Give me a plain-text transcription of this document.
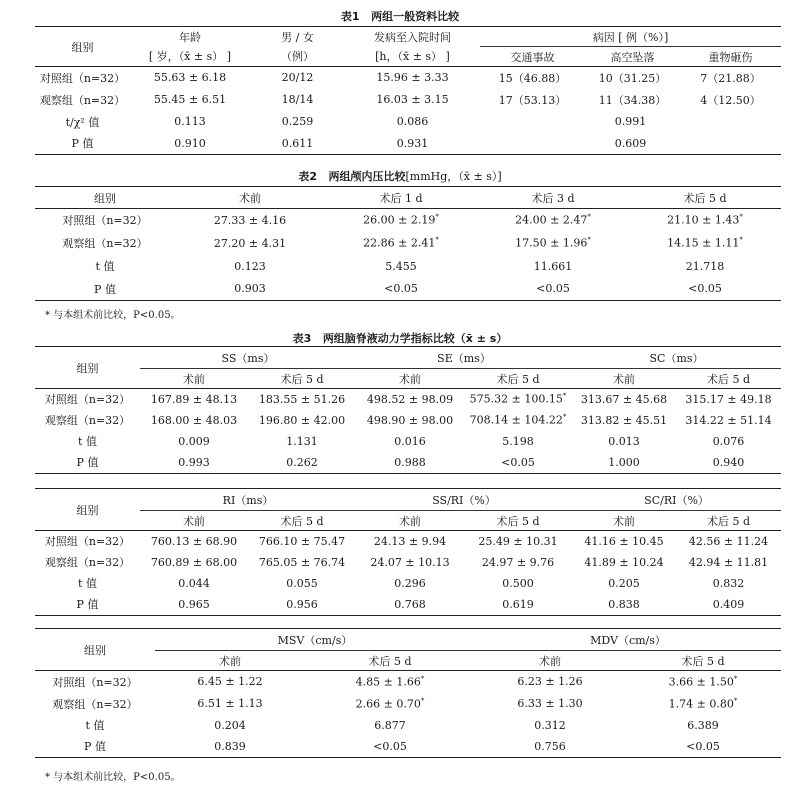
表1 两组一般资料比较
组别	年龄	男 / 女	发病至入院时间	病因 [ 例（%）]		
	[ 岁，（x̄ ± s） ]	（例）	[h，（x̄ ± s） ]	交通事故	高空坠落	重物砸伤
对照组（n=32）	55.63 ± 6.18	20/12	15.96 ± 3.33	15（46.88）	10（31.25）	7（21.88）
观察组（n=32）	55.45 ± 6.51	18/14	16.03 ± 3.15	17（53.13）	11（34.38）	4（12.50）
t/χ² 值	0.113	0.259	0.086	0.991		
P 值	0.910	0.611	0.931	0.609		
表2 两组颅内压比较[mmHg，（x̄ ± s）]
组别	术前	术后 1 d	术后 3 d	术后 5 d
对照组（n=32）	27.33 ± 4.16	26.00 ± 2.19*	24.00 ± 2.47*	21.10 ± 1.43*
观察组（n=32）	27.20 ± 4.31	22.86 ± 2.41*	17.50 ± 1.96*	14.15 ± 1.11*
t 值	0.123	5.455	11.661	21.718
P 值	0.903	<0.05	<0.05	<0.05
* 与本组术前比较，P<0.05。
表3 两组脑脊液动力学指标比较（x̄ ± s）
组别	SS（ms）		SE（ms）		SC（ms）	
	术前	术后 5 d	术前	术后 5 d	术前	术后 5 d
对照组（n=32）	167.89 ± 48.13	183.55 ± 51.26	498.52 ± 98.09	575.32 ± 100.15*	313.67 ± 45.68	315.17 ± 49.18
观察组（n=32）	168.00 ± 48.03	196.80 ± 42.00	498.90 ± 98.00	708.14 ± 104.22*	313.82 ± 45.51	314.22 ± 51.14
t 值	0.009	1.131	0.016	5.198	0.013	0.076
P 值	0.993	0.262	0.988	<0.05	1.000	0.940
组别	RI（ms）		SS/RI（%）		SC/RI（%）	
	术前	术后 5 d	术前	术后 5 d	术前	术后 5 d
对照组（n=32）	760.13 ± 68.90	766.10 ± 75.47	24.13 ± 9.94	25.49 ± 10.31	41.16 ± 10.45	42.56 ± 11.24
观察组（n=32）	760.89 ± 68.00	765.05 ± 76.74	24.07 ± 10.13	24.97 ± 9.76	41.89 ± 10.24	42.94 ± 11.81
t 值	0.044	0.055	0.296	0.500	0.205	0.832
P 值	0.965	0.956	0.768	0.619	0.838	0.409
组别	MSV（cm/s）		MDV（cm/s）	
	术前	术后 5 d	术前	术后 5 d
对照组（n=32）	6.45 ± 1.22	4.85 ± 1.66*	6.23 ± 1.26	3.66 ± 1.50*
观察组（n=32）	6.51 ± 1.13	2.66 ± 0.70*	6.33 ± 1.30	1.74 ± 0.80*
t 值	0.204	6.877	0.312	6.389
P 值	0.839	<0.05	0.756	<0.05
* 与本组术前比较，P<0.05。
